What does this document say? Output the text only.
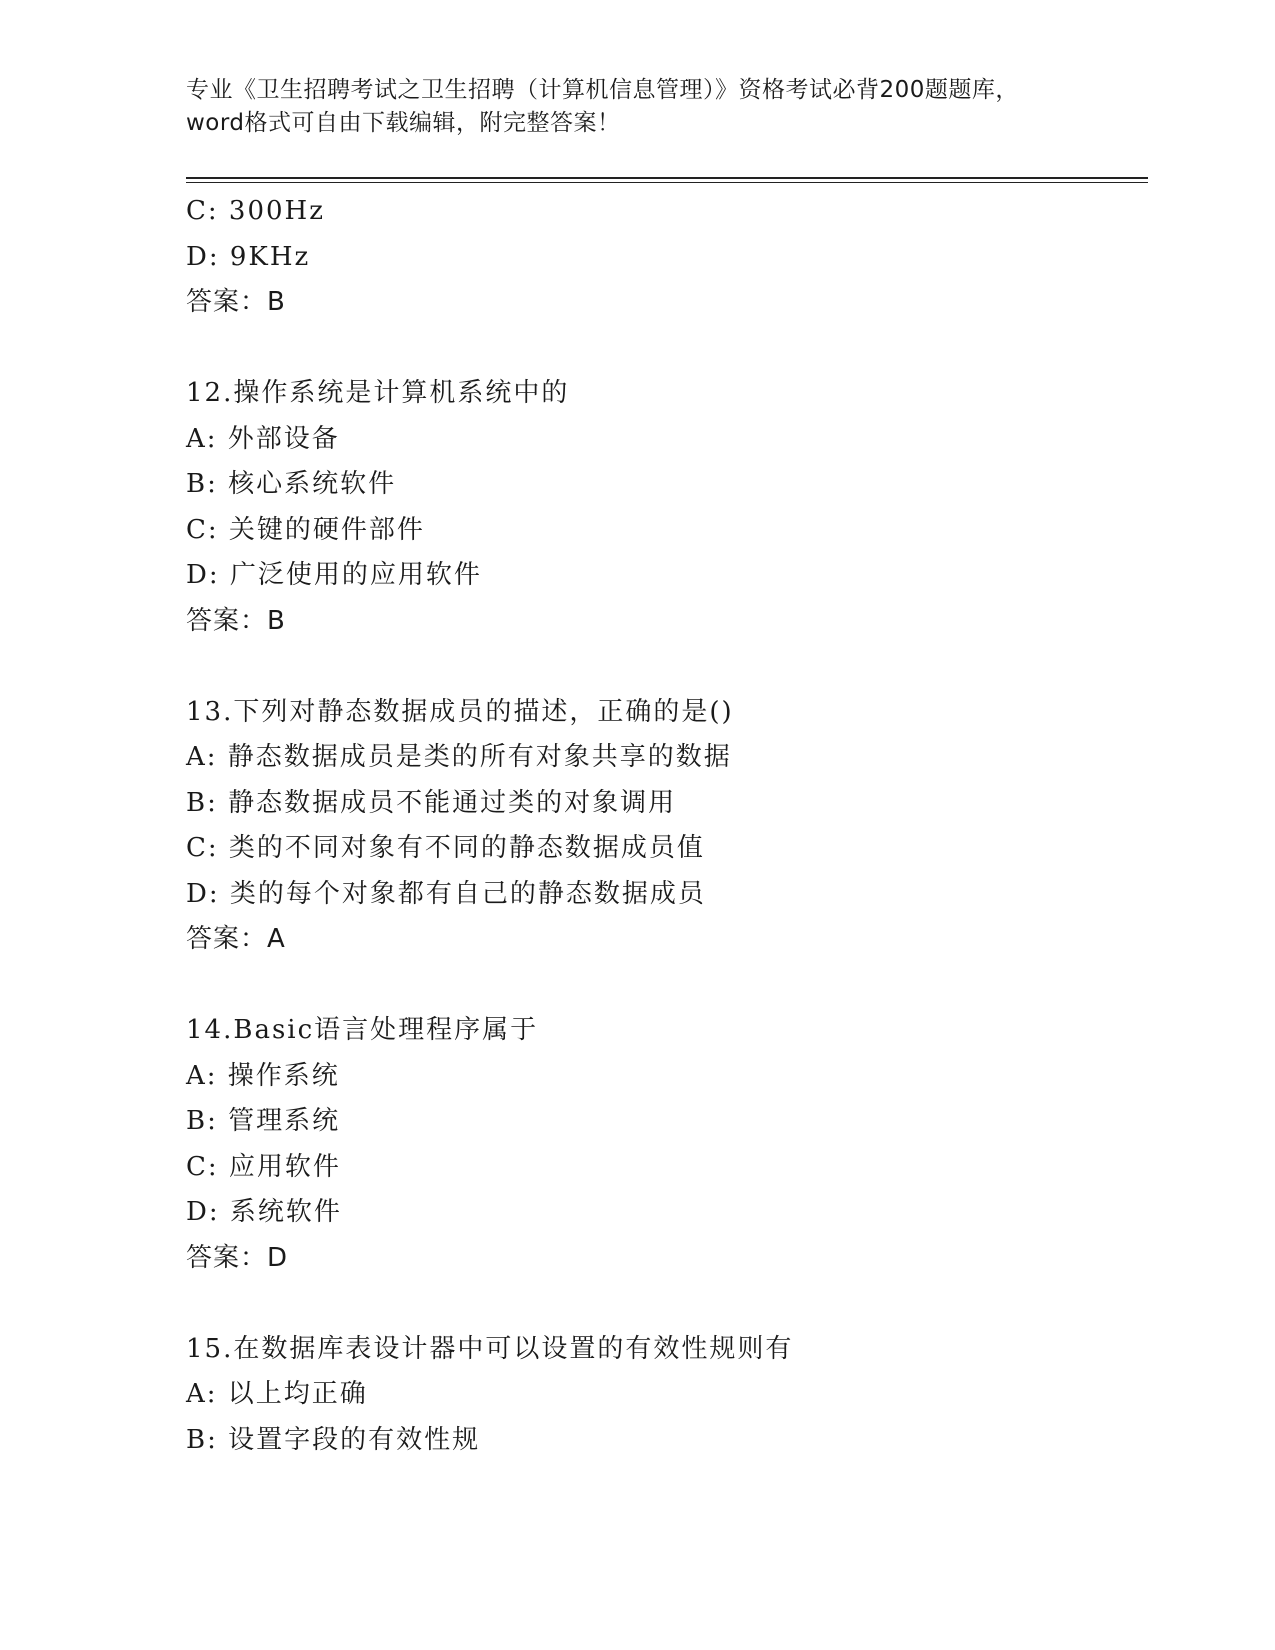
专业《卫生招聘考试之卫生招聘（计算机信息管理）》资格考试必背200题题库，
word格式可自由下载编辑，附完整答案！
C: 300Hz
D: 9KHz
答案：B
12.操作系统是计算机系统中的
A: 外部设备
B: 核心系统软件
C: 关键的硬件部件
D: 广泛使用的应用软件
答案：B
13.下列对静态数据成员的描述，正确的是()
A: 静态数据成员是类的所有对象共享的数据
B: 静态数据成员不能通过类的对象调用
C: 类的不同对象有不同的静态数据成员值
D: 类的每个对象都有自己的静态数据成员
答案：A
14.Basic语言处理程序属于
A: 操作系统
B: 管理系统
C: 应用软件
D: 系统软件
答案：D
15.在数据库表设计器中可以设置的有效性规则有
A: 以上均正确
B: 设置字段的有效性规
